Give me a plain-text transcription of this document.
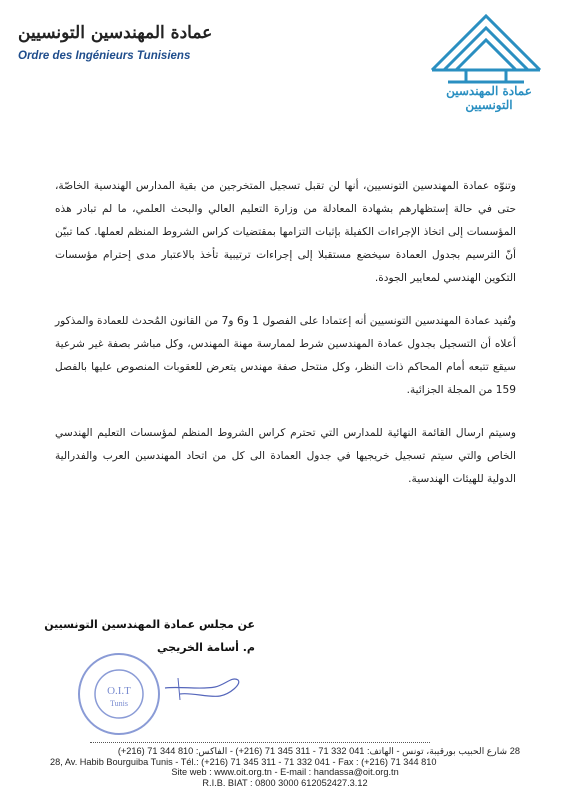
عمادة المهندسين التونسيين
Ordre des Ingénieurs Tunisiens
عمادة المهندسين التونسيين

وتنوّه عمادة المهندسين التونسيين، أنها لن تقبل تسجيل المتخرجين من بقية المدارس الهندسية الخاصّة، حتى في حالة إستظهارهم بشهادة المعادلة من وزارة التعليم العالي والبحث العلمي، ما لم تبادر هذه المؤسسات إلى اتخاذ الإجراءات الكفيلة بإثبات التزامها بمقتضيات كراس الشروط المنظم لعملها. كما تبيّن أنّ الترسيم بجدول العمادة سيخضع مستقبلا إلى إجراءات ترتيبية تأخذ بالاعتبار مدى إحترام مؤسسات التكوين الهندسي لمعايير الجودة.

وتُفيد عمادة المهندسين التونسيين أنه إعتمادا على الفصول 1 و6 و7 من القانون المُحدث للعمادة والمذكور أعلاه أن التسجيل بجدول عمادة المهندسين شرط لممارسة مهنة المهندس، وكل مباشر بصفة غير شرعية سيقع تتبعه أمام المحاكم ذات النظر، وكل منتحل صفة مهندس يتعرض للعقوبات المنصوص عليها بالفصل 159 من المجلة الجزائية.

وسيتم ارسال القائمة النهائية للمدارس التي تحترم كراس الشروط المنظم لمؤسسات التعليم الهندسي الخاص والتي سيتم تسجيل خريجيها في جدول العمادة الى كل من اتحاد المهندسين العرب والفدرالية الدولية للهيئات الهندسية.

عن مجلس عمادة المهندسين التونسيين
م. أسامة الخريجي
O.I.T
Tunis
28 شارع الحبيب بورقيبة، تونس - الهاتف: 041 332 71 - 311 345 71 (216+) - الفاكس: 810 344 71 (216+)
28, Av. Habib Bourguiba Tunis - Tél.: (+216) 71 345 311 - 71 332 041 - Fax : (+216) 71 344 810
Site web : www.oit.org.tn - E-mail : handassa@oit.org.tn
R.I.B. BIAT : 0800 3000 612052427.3.12
